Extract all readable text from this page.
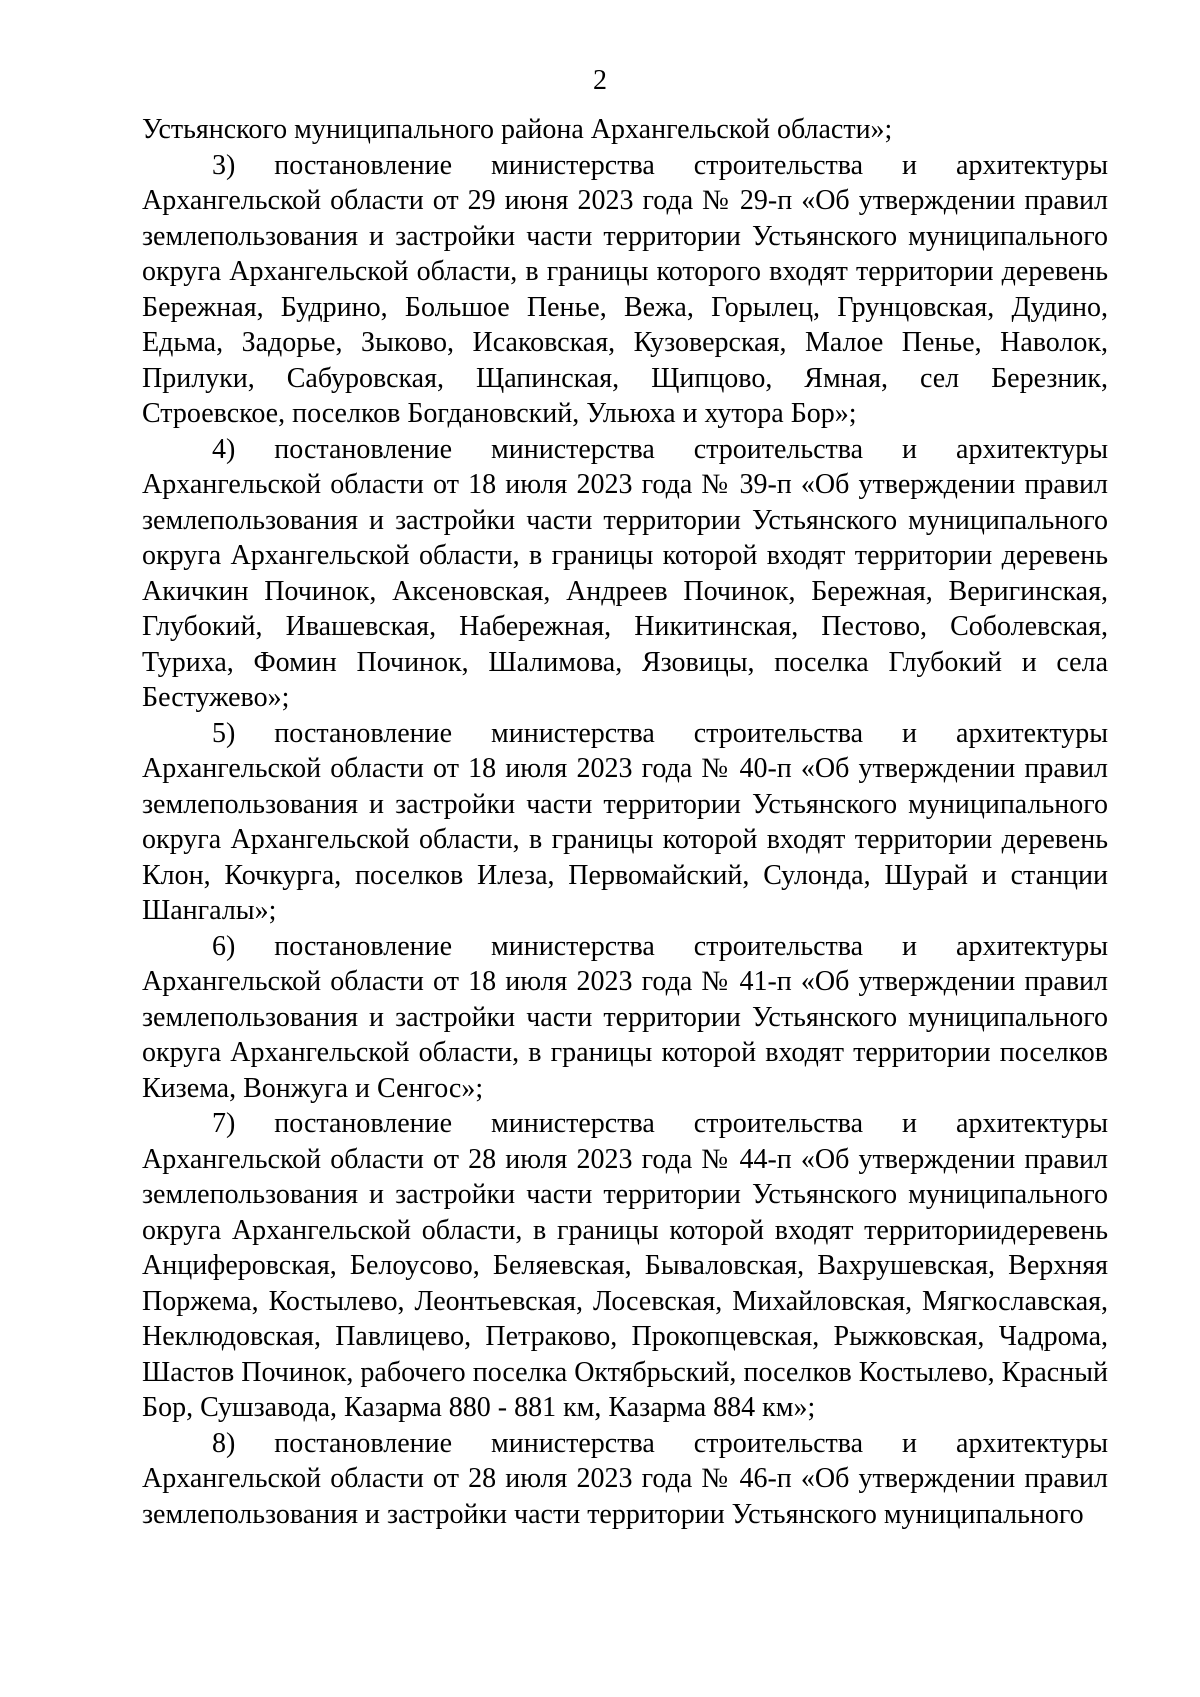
2

Устьянского муниципального района Архангельской области»;

3) постановление министерства строительства и архитектуры Архангельской области от 29 июня 2023 года № 29-п «Об утверждении правил землепользования и застройки части территории Устьянского муниципального округа Архангельской области, в границы которого входят территории деревень Бережная, Будрино, Большое Пенье, Вежа, Горылец, Грунцовская, Дудино, Едьма, Задорье, Зыково, Исаковская, Кузоверская, Малое Пенье, Наволок, Прилуки, Сабуровская, Щапинская, Щипцово, Ямная, сел Березник, Строевское, поселков Богдановский, Ульюха и хутора Бор»;

4) постановление министерства строительства и архитектуры Архангельской области от 18 июля 2023 года № 39-п «Об утверждении правил землепользования и застройки части территории Устьянского муниципального округа Архангельской области, в границы которой входят территории деревень Акичкин Починок, Аксеновская, Андреев Починок, Бережная, Веригинская, Глубокий, Ивашевская, Набережная, Никитинская, Пестово, Соболевская, Туриха, Фомин Починок, Шалимова, Язовицы, поселка Глубокий и села Бестужево»;

5) постановление министерства строительства и архитектуры Архангельской области от 18 июля 2023 года № 40-п «Об утверждении правил землепользования и застройки части территории Устьянского муниципального округа Архангельской области, в границы которой входят территории деревень Клон, Кочкурга, поселков Илеза, Первомайский, Сулонда, Шурай и станции Шангалы»;

6) постановление министерства строительства и архитектуры Архангельской области от 18 июля 2023 года № 41-п «Об утверждении правил землепользования и застройки части территории Устьянского муниципального округа Архангельской области, в границы которой входят территории поселков Кизема, Вонжуга и Сенгос»;

7) постановление министерства строительства и архитектуры Архангельской области от 28 июля 2023 года № 44-п «Об утверждении правил землепользования и застройки части территории Устьянского муниципального округа Архангельской области, в границы которой входят территориидеревень Анциферовская, Белоусово, Беляевская, Бываловская, Вахрушевская, Верхняя Поржема, Костылево, Леонтьевская, Лосевская, Михайловская, Мягкославская, Неклюдовская, Павлицево, Петраково, Прокопцевская, Рыжковская, Чадрома, Шастов Починок, рабочего поселка Октябрьский, поселков Костылево, Красный Бор, Сушзавода, Казарма 880 - 881 км, Казарма 884 км»;

8) постановление министерства строительства и архитектуры Архангельской области от 28 июля 2023 года № 46-п «Об утверждении правил землепользования и застройки части территории Устьянского муниципального
